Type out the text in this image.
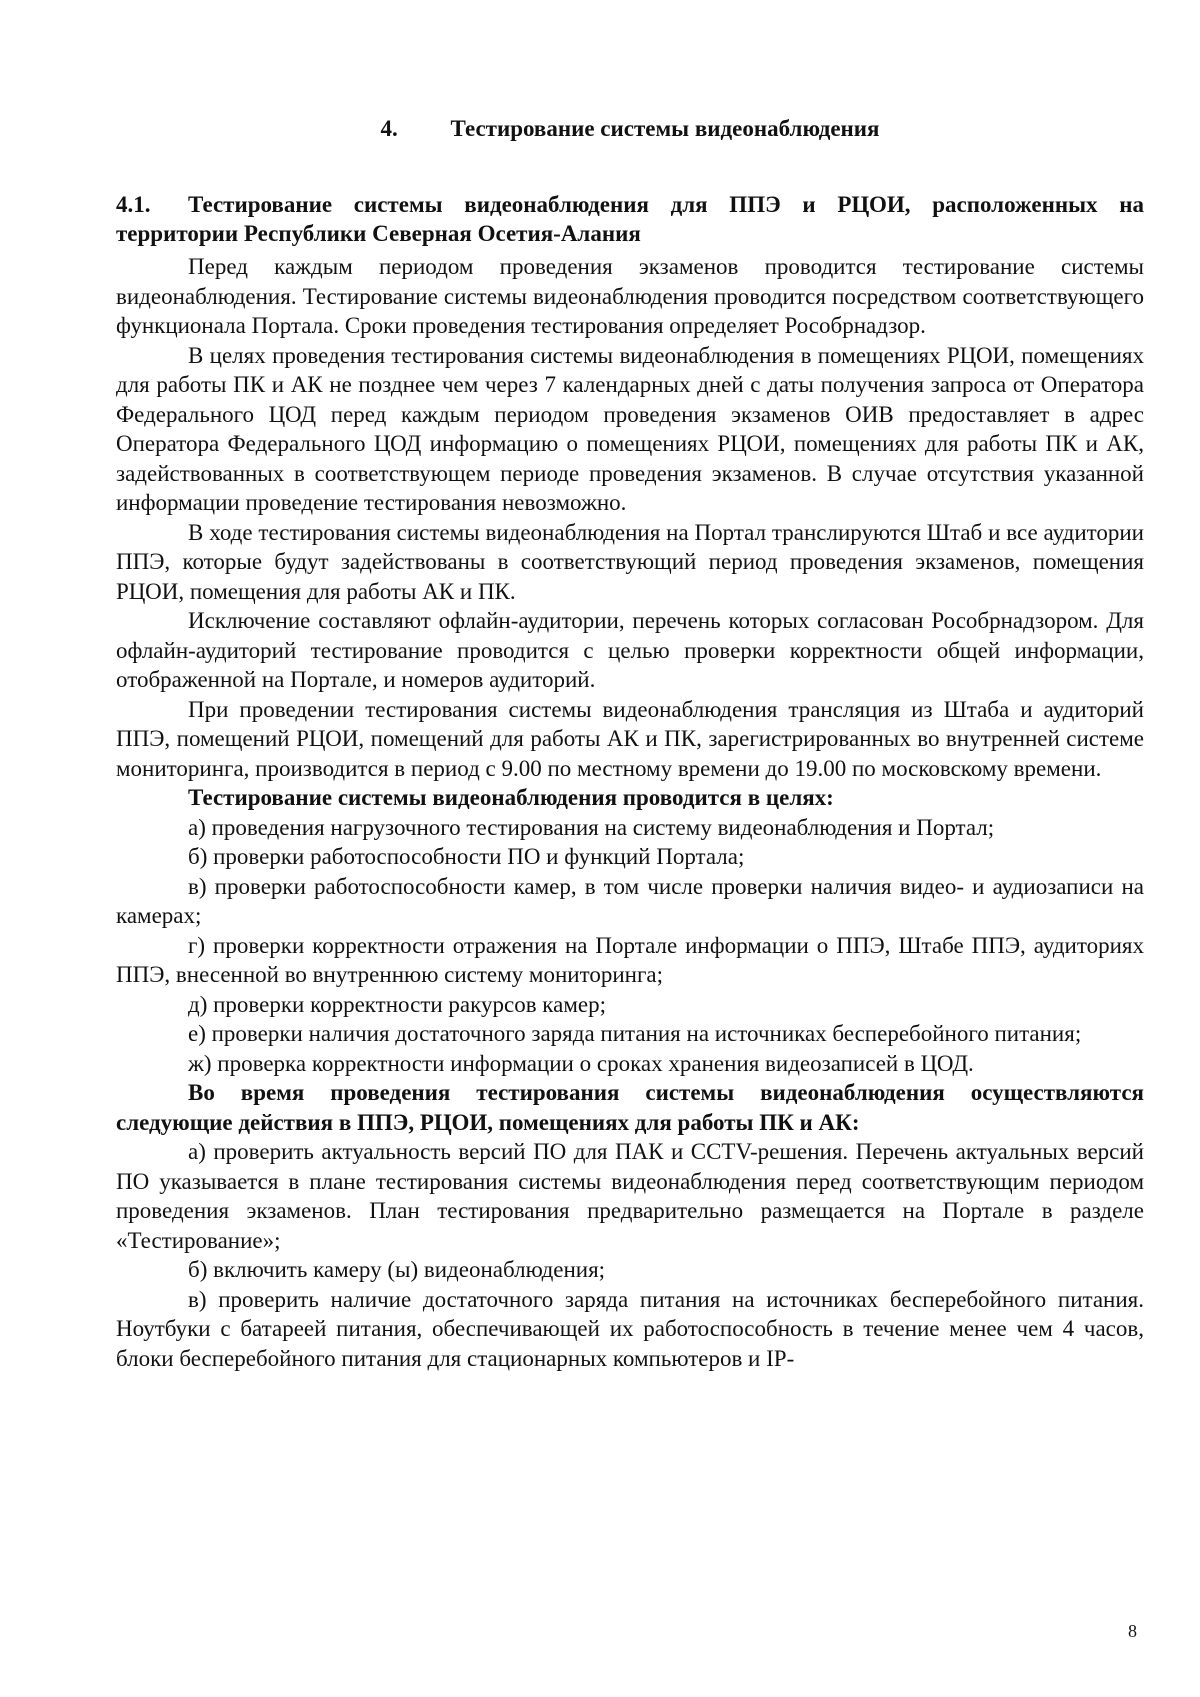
4. Тестирование системы видеонаблюдения
4.1. Тестирование системы видеонаблюдения для ППЭ и РЦОИ, расположенных на территории Республики Северная Осетия-Алания

Перед каждым периодом проведения экзаменов проводится тестирование системы видеонаблюдения. Тестирование системы видеонаблюдения проводится посредством соответствующего функционала Портала. Сроки проведения тестирования определяет Рособрнадзор.

В целях проведения тестирования системы видеонаблюдения в помещениях РЦОИ, помещениях для работы ПК и АК не позднее чем через 7 календарных дней с даты получения запроса от Оператора Федерального ЦОД перед каждым периодом проведения экзаменов ОИВ предоставляет в адрес Оператора Федерального ЦОД информацию о помещениях РЦОИ, помещениях для работы ПК и АК, задействованных в соответствующем периоде проведения экзаменов. В случае отсутствия указанной информации проведение тестирования невозможно.

В ходе тестирования системы видеонаблюдения на Портал транслируются Штаб и все аудитории ППЭ, которые будут задействованы в соответствующий период проведения экзаменов, помещения РЦОИ, помещения для работы АК и ПК.

Исключение составляют офлайн-аудитории, перечень которых согласован Рособрнадзором. Для офлайн-аудиторий тестирование проводится с целью проверки корректности общей информации, отображенной на Портале, и номеров аудиторий.

При проведении тестирования системы видеонаблюдения трансляция из Штаба и аудиторий ППЭ, помещений РЦОИ, помещений для работы АК и ПК, зарегистрированных во внутренней системе мониторинга, производится в период с 9.00 по местному времени до 19.00 по московскому времени.

Тестирование системы видеонаблюдения проводится в целях:

а) проведения нагрузочного тестирования на систему видеонаблюдения и Портал;

б) проверки работоспособности ПО и функций Портала;

в) проверки работоспособности камер, в том числе проверки наличия видео- и аудиозаписи на камерах;

г) проверки корректности отражения на Портале информации о ППЭ, Штабе ППЭ, аудиториях ППЭ, внесенной во внутреннюю систему мониторинга;

д) проверки корректности ракурсов камер;

е) проверки наличия достаточного заряда питания на источниках бесперебойного питания;

ж) проверка корректности информации о сроках хранения видеозаписей в ЦОД.

Во время проведения тестирования системы видеонаблюдения осуществляются следующие действия в ППЭ, РЦОИ, помещениях для работы ПК и АК:

а) проверить актуальность версий ПО для ПАК и CCTV-решения. Перечень актуальных версий ПО указывается в плане тестирования системы видеонаблюдения перед соответствующим периодом проведения экзаменов. План тестирования предварительно размещается на Портале в разделе «Тестирование»;

б) включить камеру (ы) видеонаблюдения;

в) проверить наличие достаточного заряда питания на источниках бесперебойного питания. Ноутбуки с батареей питания, обеспечивающей их работоспособность в течение менее чем 4 часов, блоки бесперебойного питания для стационарных компьютеров и IP-

8
